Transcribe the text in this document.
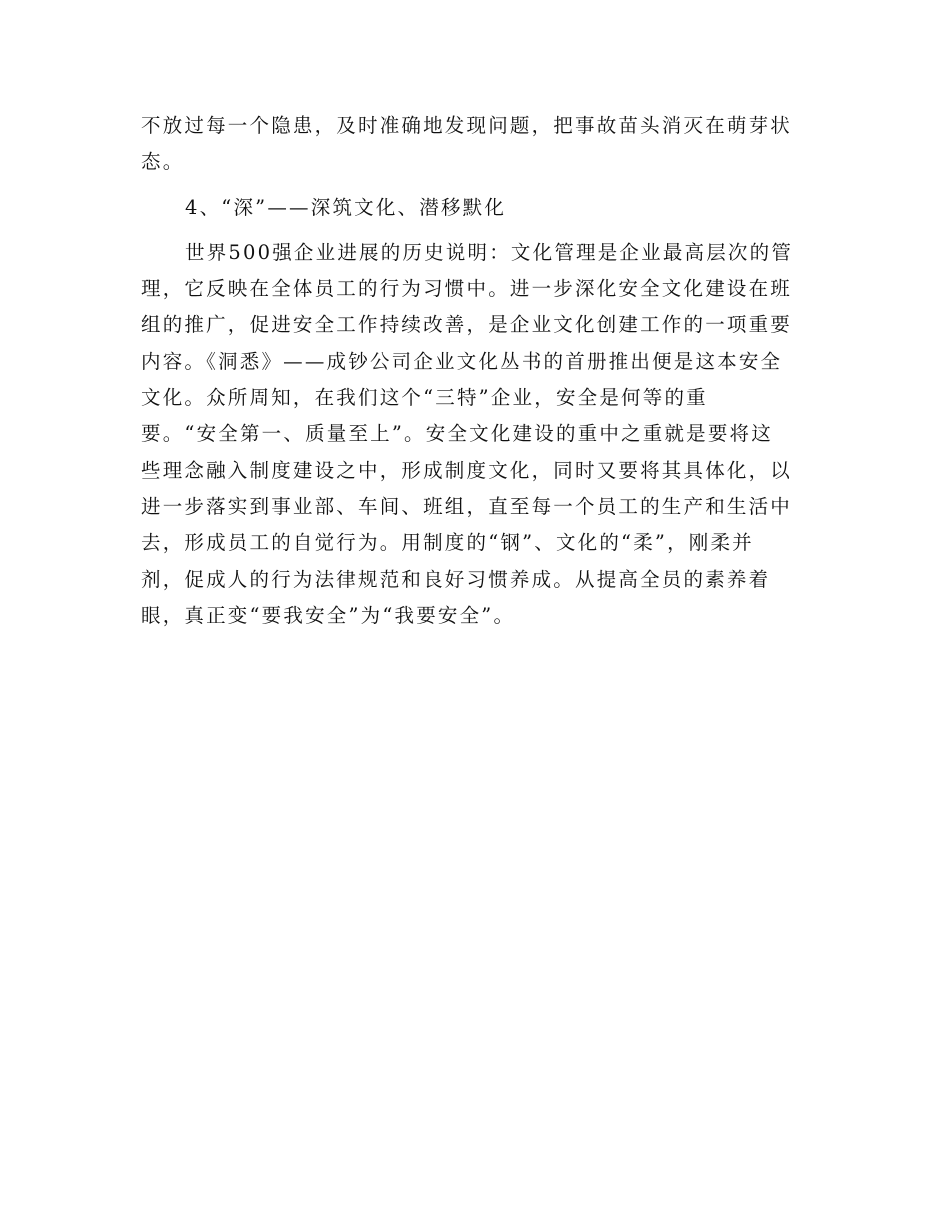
不放过每一个隐患，及时准确地发现问题，把事故苗头消灭在萌芽状
态。
4、“深”——深筑文化、潜移默化
世界500强企业进展的历史说明：文化管理是企业最高层次的管
理，它反映在全体员工的行为习惯中。进一步深化安全文化建设在班
组的推广，促进安全工作持续改善，是企业文化创建工作的一项重要
内容。《洞悉》——成钞公司企业文化丛书的首册推出便是这本安全
文化。众所周知，在我们这个“三特”企业，安全是何等的重
要。“安全第一、质量至上”。安全文化建设的重中之重就是要将这
些理念融入制度建设之中，形成制度文化，同时又要将其具体化，以
进一步落实到事业部、车间、班组，直至每一个员工的生产和生活中
去，形成员工的自觉行为。用制度的“钢”、文化的“柔”，刚柔并
剂，促成人的行为法律规范和良好习惯养成。从提高全员的素养着
眼，真正变“要我安全”为“我要安全”。
